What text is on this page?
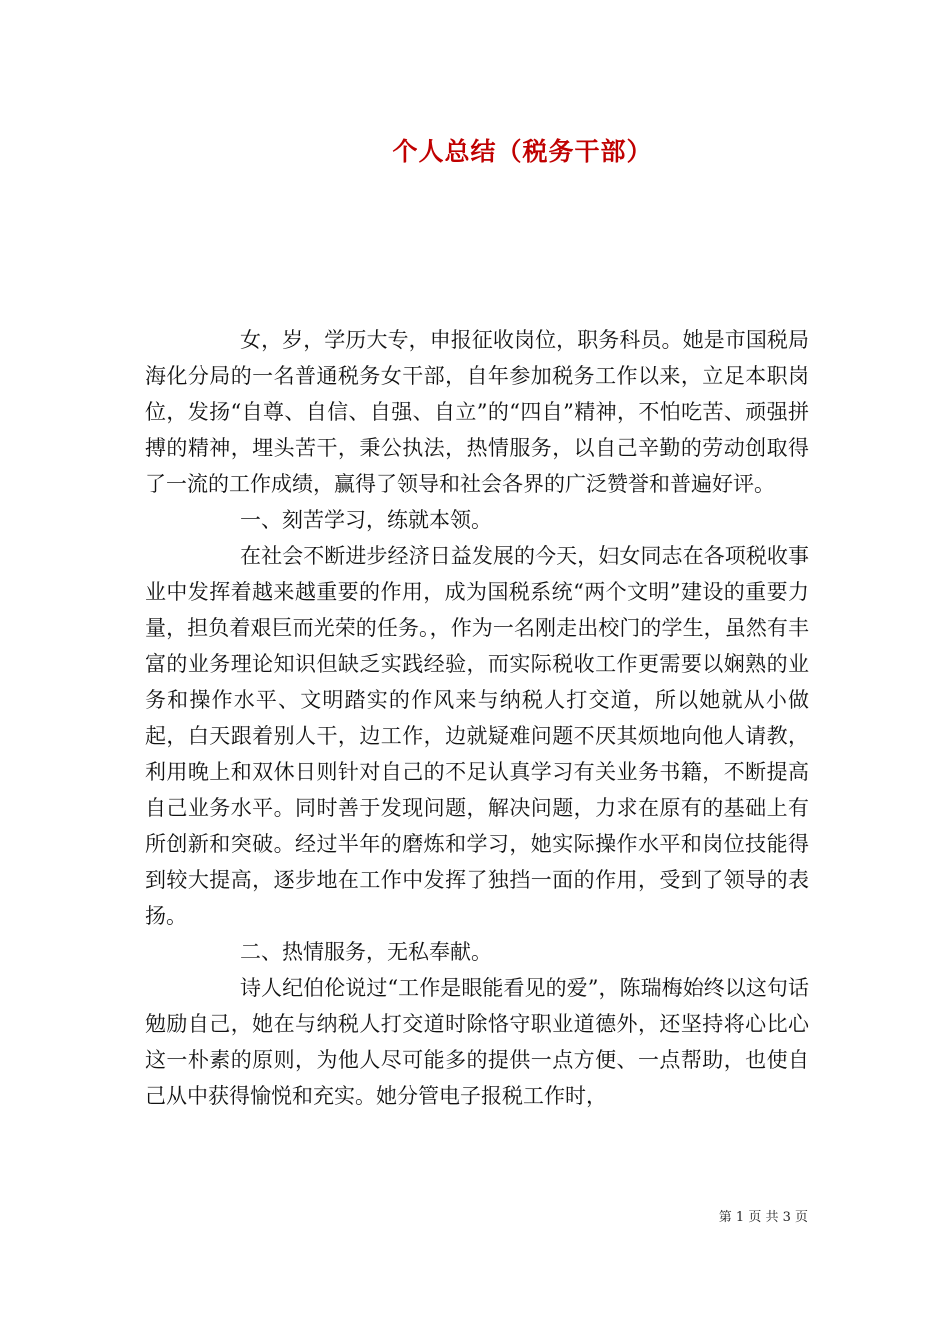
个人总结（税务干部）

女，岁，学历大专，申报征收岗位，职务科员。她是市国税局海化分局的一名普通税务女干部，自年参加税务工作以来，立足本职岗位，发扬“自尊、自信、自强、自立”的“四自”精神，不怕吃苦、顽强拼搏的精神，埋头苦干，秉公执法，热情服务，以自己辛勤的劳动创取得了一流的工作成绩，赢得了领导和社会各界的广泛赞誉和普遍好评。

一、刻苦学习，练就本领。

在社会不断进步经济日益发展的今天，妇女同志在各项税收事业中发挥着越来越重要的作用，成为国税系统“两个文明”建设的重要力量，担负着艰巨而光荣的任务。，作为一名刚走出校门的学生，虽然有丰富的业务理论知识但缺乏实践经验，而实际税收工作更需要以娴熟的业务和操作水平、文明踏实的作风来与纳税人打交道，所以她就从小做起，白天跟着别人干，边工作，边就疑难问题不厌其烦地向他人请教，利用晚上和双休日则针对自己的不足认真学习有关业务书籍，不断提高自己业务水平。同时善于发现问题，解决问题，力求在原有的基础上有所创新和突破。经过半年的磨炼和学习，她实际操作水平和岗位技能得到较大提高，逐步地在工作中发挥了独挡一面的作用，受到了领导的表扬。

二、热情服务，无私奉献。

诗人纪伯伦说过“工作是眼能看见的爱”，陈瑞梅始终以这句话勉励自己，她在与纳税人打交道时除恪守职业道德外，还坚持将心比心这一朴素的原则，为他人尽可能多的提供一点方便、一点帮助，也使自己从中获得愉悦和充实。她分管电子报税工作时，

第 1 页 共 3 页
